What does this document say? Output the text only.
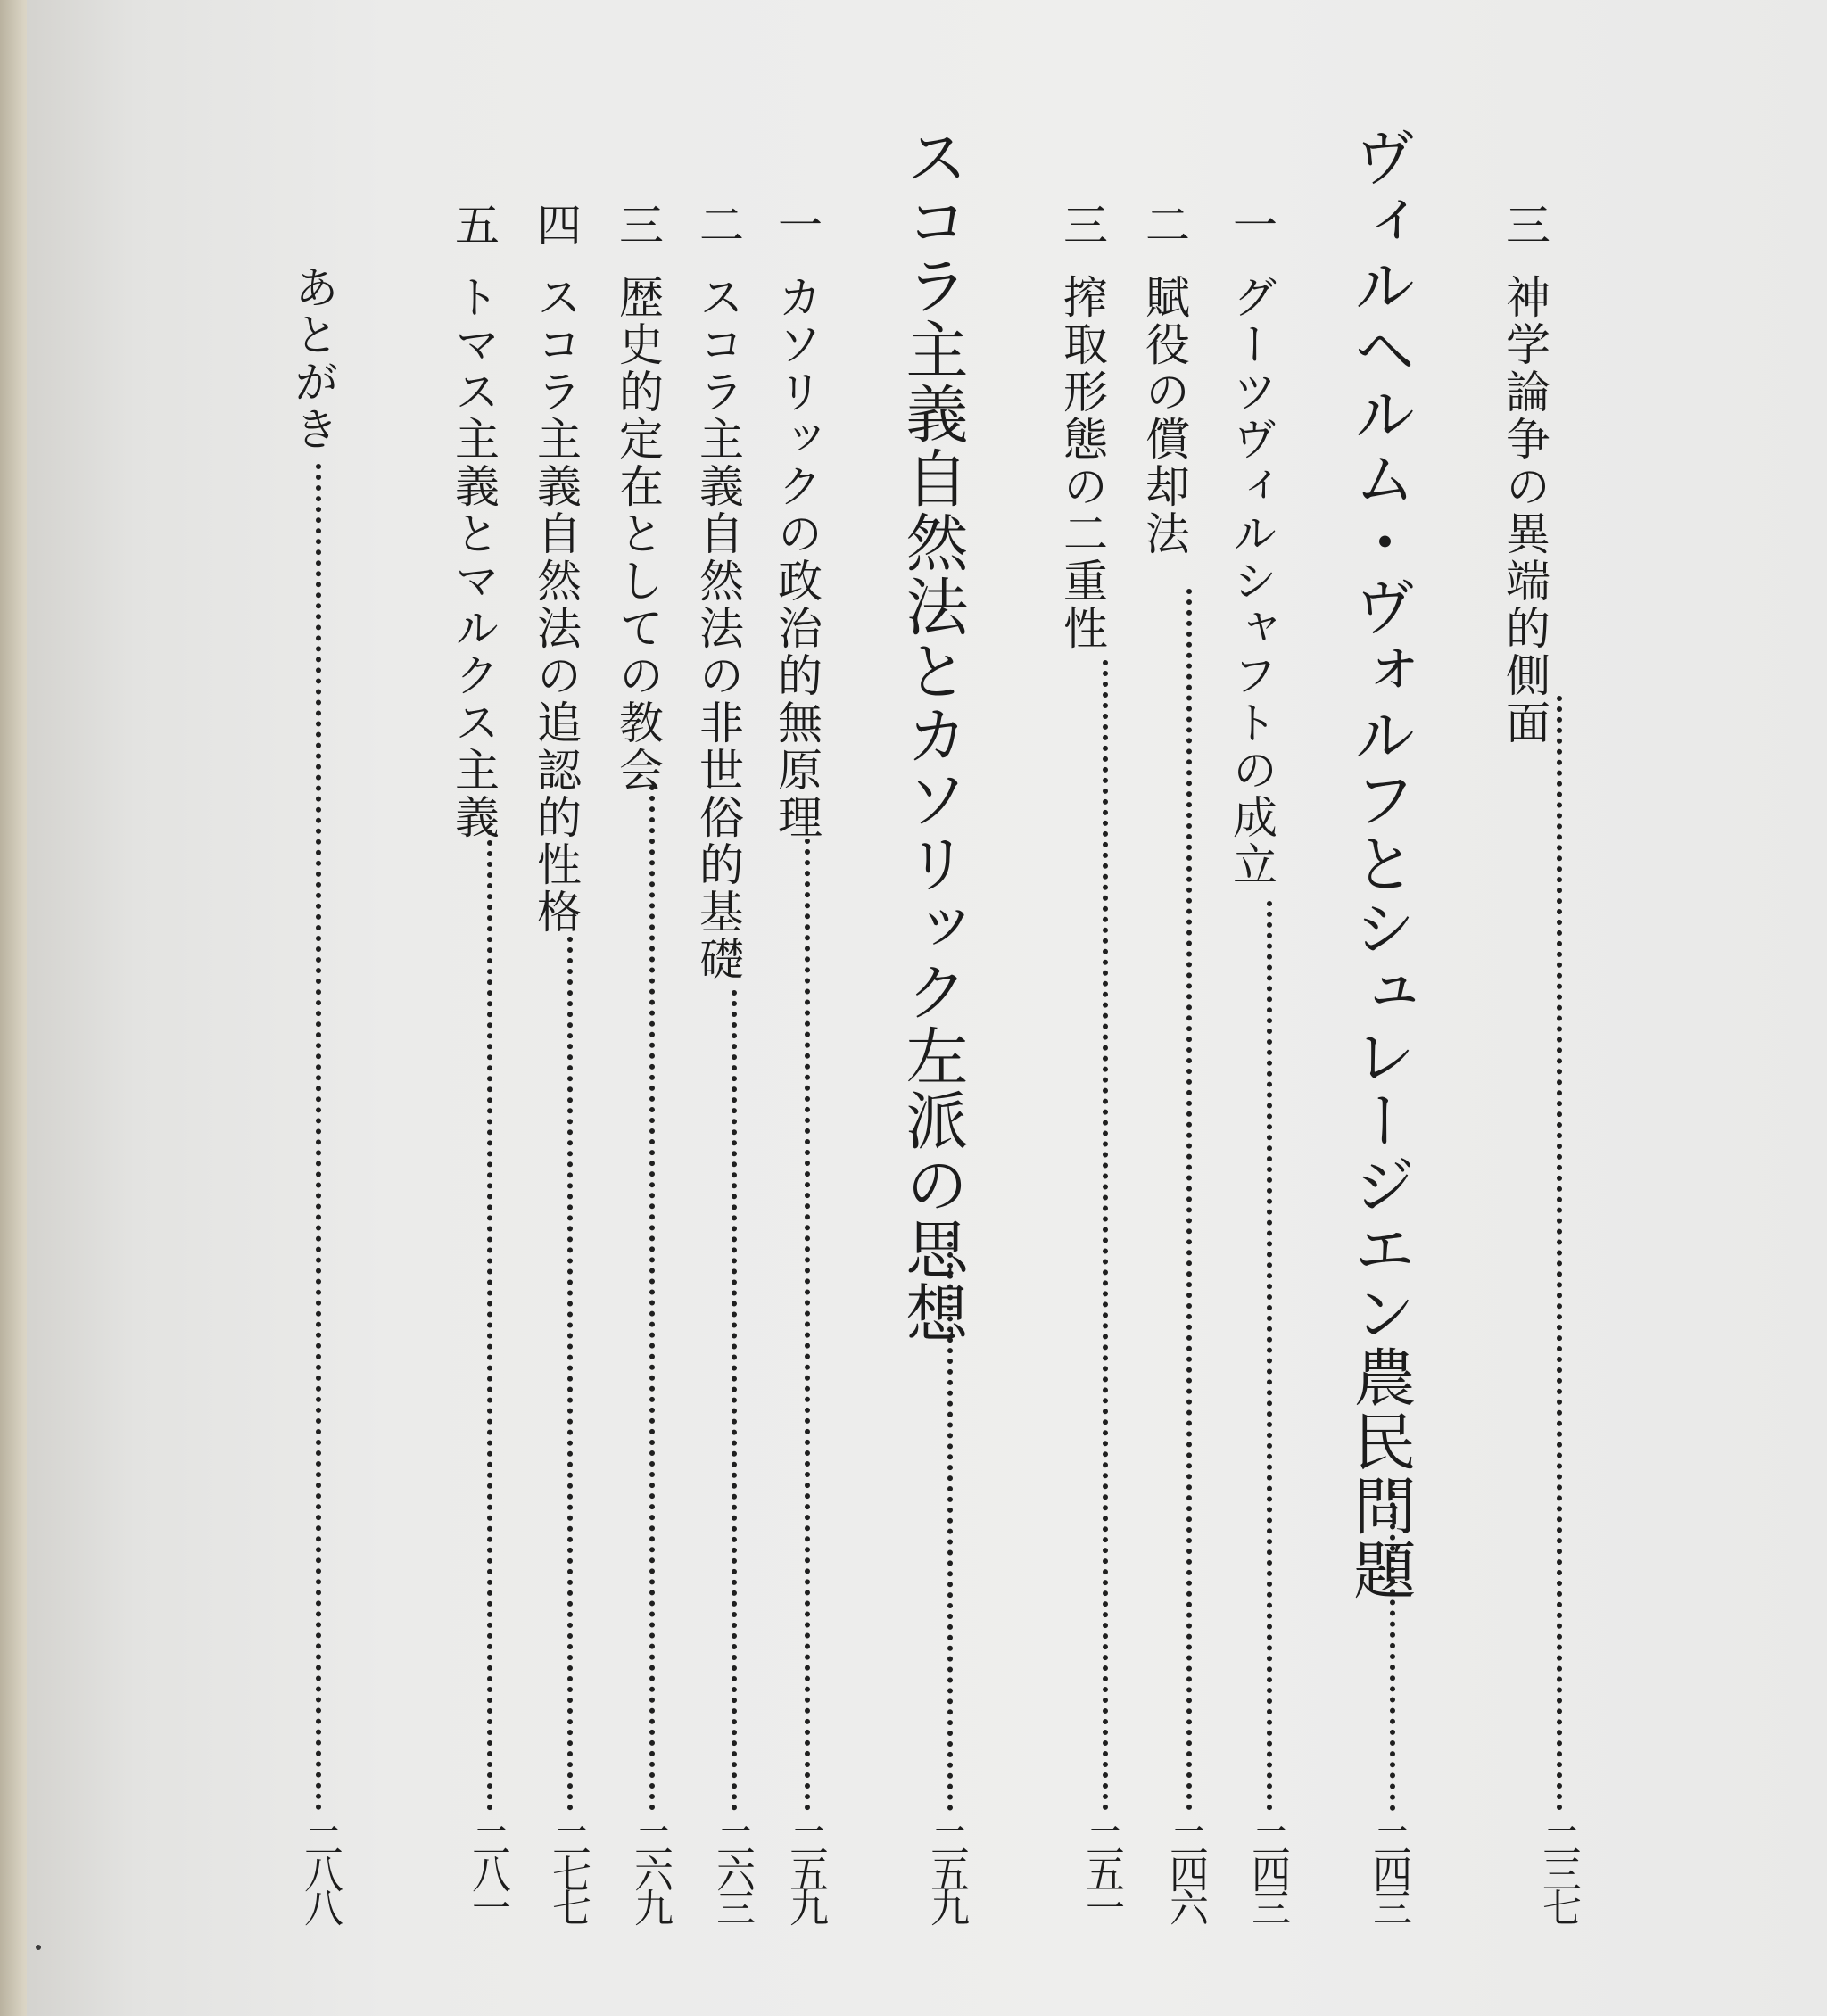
三神学論争の異端的側面
二三七
ヴィルヘルム・ヴォルフとシュレージエン農民問題
二四三
一グーツヴィルシャフトの成立
二四三
二賦役の償却法
二四六
三搾取形態の二重性
二五一
スコラ主義自然法とカソリック左派の思想
二五九
一カソリックの政治的無原理
二五九
二スコラ主義自然法の非世俗的基礎
二六三
三歴史的定在としての教会
二六九
四スコラ主義自然法の追認的性格
二七七
五トマス主義とマルクス主義
二八一
あとがき
二八八
